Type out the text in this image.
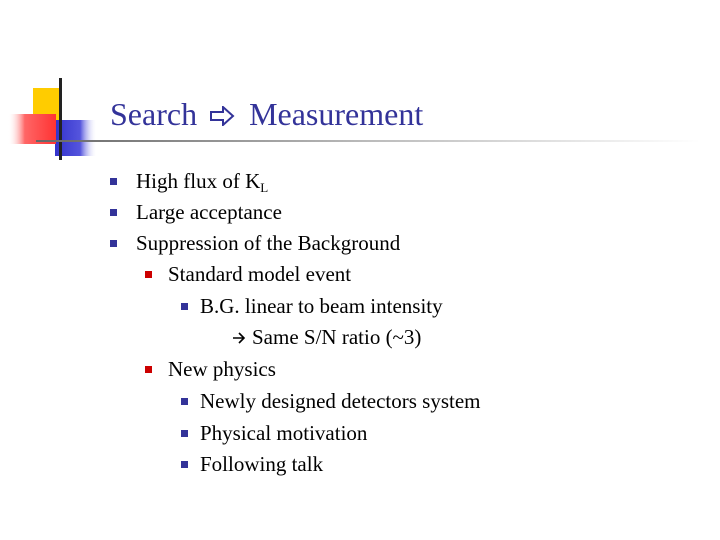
Search Measurement
High flux of $K_L$
Large acceptance
Suppression of the Background
Standard model event
B.G. linear to beam intensity
Same S/N ratio (~3)
New physics
Newly designed detectors system
Physical motivation
Following talk
